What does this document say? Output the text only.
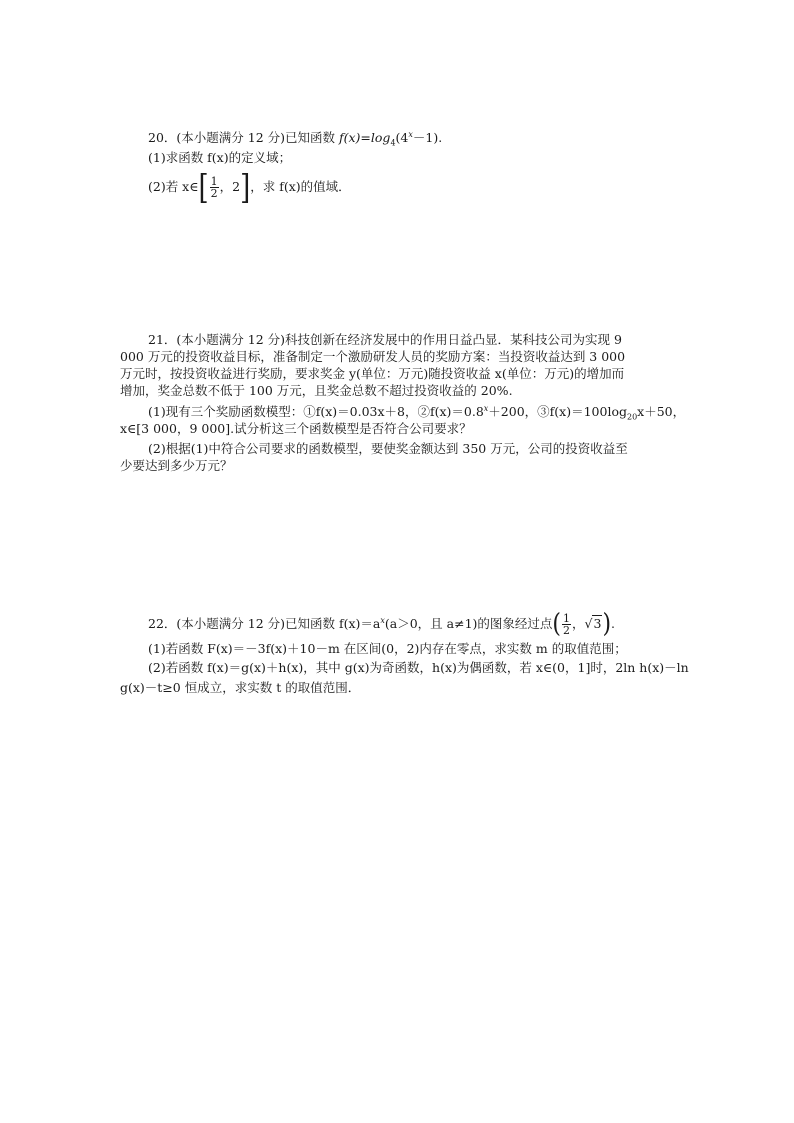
20．(本小题满分 12 分)已知函数 $f(x)=\log_4(4^x-1)$.
(1)求函数 f(x)的定义域；
(2)若 x∈[ $\frac{1}{2}$ ，2]，求 f(x)的值域．
21．(本小题满分 12 分)科技创新在经济发展中的作用日益凸显．某科技公司为实现 9
000 万元的投资收益目标，准备制定一个激励研发人员的奖励方案：当投资收益达到 3 000
万元时，按投资收益进行奖励，要求奖金 y(单位：万元)随投资收益 x(单位：万元)的增加而
增加，奖金总数不低于 100 万元，且奖金总数不超过投资收益的 20%.
(1)现有三个奖励函数模型：①f(x)＝0.03x＋8，$②f(x)=0.8^x+200$，$③f(x)=100\log_{20}x+50$，
x∈[3 000，9 000].试分析这三个函数模型是否符合公司要求？
(2)根据(1)中符合公司要求的函数模型，要使奖金额达到 350 万元，公司的投资收益至
少要达到多少万元？
22．(本小题满分 12 分)已知函数 $f(x)=a^x(a>0$，且 a≠1)的图象经过点( $\frac{1}{2}$ ，√3).
(1)若函数 F(x)＝－3f(x)＋10－m 在区间(0，2)内存在零点，求实数 m 的取值范围；
(2)若函数 f(x)＝g(x)＋h(x)，其中 g(x)为奇函数，h(x)为偶函数，若 x∈(0，1]时，2ln h(x)－ln
g(x)－t≥0 恒成立，求实数 t 的取值范围．
